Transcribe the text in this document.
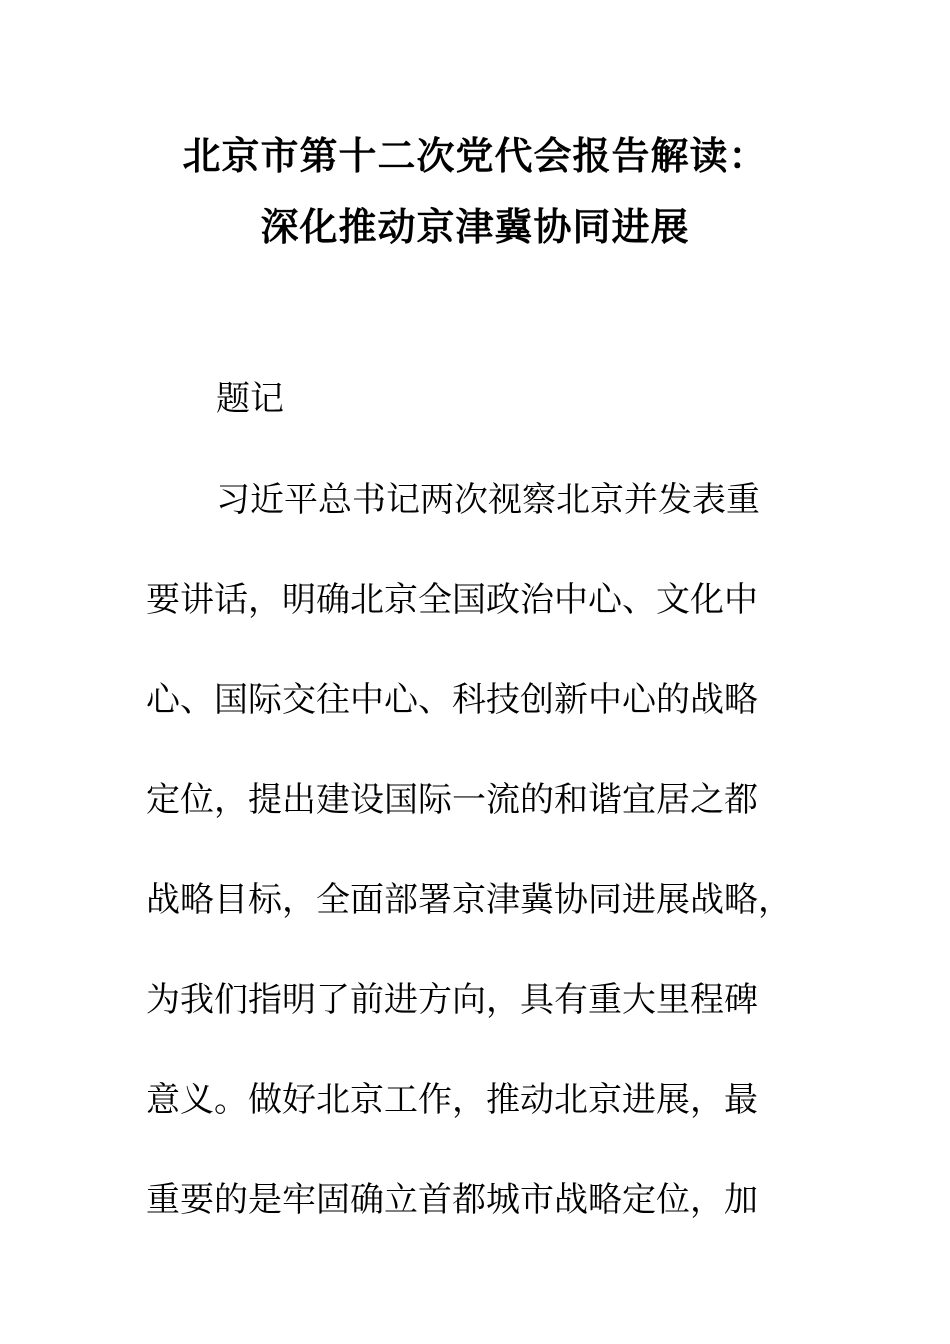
北京市第十二次党代会报告解读：
深化推动京津冀协同进展
题记
习近平总书记两次视察北京并发表重
要讲话，明确北京全国政治中心、文化中
心、国际交往中心、科技创新中心的战略
定位，提出建设国际一流的和谐宜居之都
战略目标，全面部署京津冀协同进展战略，
为我们指明了前进方向，具有重大里程碑
意义。做好北京工作，推动北京进展，最
重要的是牢固确立首都城市战略定位，加
